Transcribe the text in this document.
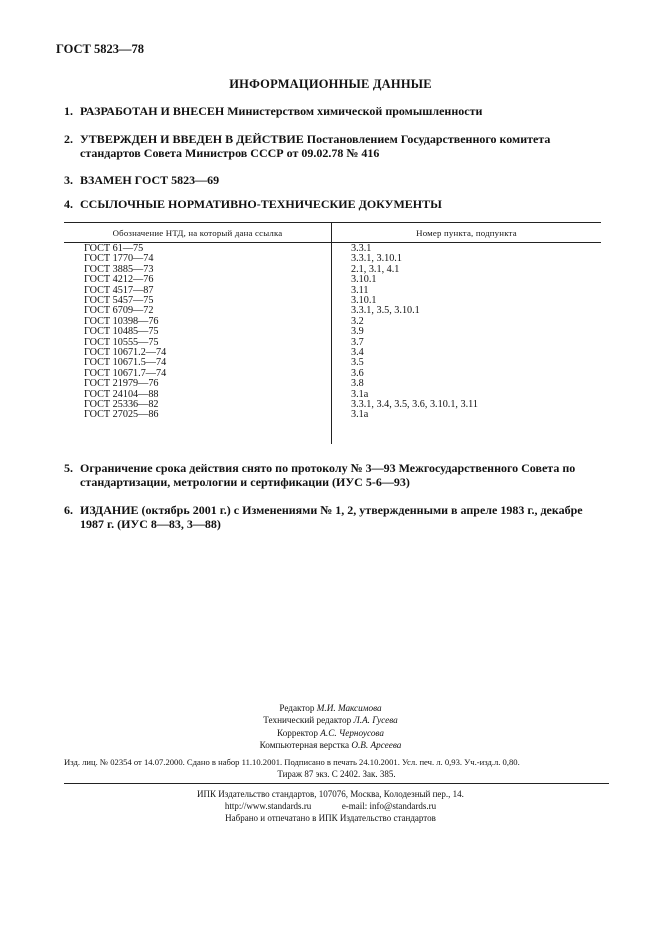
ГОСТ 5823—78
ИНФОРМАЦИОННЫЕ ДАННЫЕ
1. РАЗРАБОТАН И ВНЕСЕН Министерством химической промышленности
2. УТВЕРЖДЕН И ВВЕДЕН В ДЕЙСТВИЕ Постановлением Государственного комитета стандартов Совета Министров СССР от 09.02.78 № 416
3. ВЗАМЕН ГОСТ 5823—69
4. ССЫЛОЧНЫЕ НОРМАТИВНО-ТЕХНИЧЕСКИЕ ДОКУМЕНТЫ
Обозначение НТД, на который дана ссылка	Номер пункта, подпункта
ГОСТ 61—75	3.3.1
ГОСТ 1770—74	3.3.1, 3.10.1
ГОСТ 3885—73	2.1, 3.1, 4.1
ГОСТ 4212—76	3.10.1
ГОСТ 4517—87	3.11
ГОСТ 5457—75	3.10.1
ГОСТ 6709—72	3.3.1, 3.5, 3.10.1
ГОСТ 10398—76	3.2
ГОСТ 10485—75	3.9
ГОСТ 10555—75	3.7
ГОСТ 10671.2—74	3.4
ГОСТ 10671.5—74	3.5
ГОСТ 10671.7—74	3.6
ГОСТ 21979—76	3.8
ГОСТ 24104—88	3.1а
ГОСТ 25336—82	3.3.1, 3.4, 3.5, 3.6, 3.10.1, 3.11
ГОСТ 27025—86	3.1а
5. Ограничение срока действия снято по протоколу № 3—93 Межгосударственного Совета по стандартизации, метрологии и сертификации (ИУС 5-6—93)
6. ИЗДАНИЕ (октябрь 2001 г.) с Изменениями № 1, 2, утвержденными в апреле 1983 г., декабре 1987 г. (ИУС 8—83, 3—88)
Редактор М.И. Максимова
Технический редактор Л.А. Гусева
Корректор А.С. Черноусова
Компьютерная верстка О.В. Арсеева
Изд. лиц. № 02354 от 14.07.2000. Сдано в набор 11.10.2001. Подписано в печать 24.10.2001. Усл. печ. л. 0,93. Уч.-изд.л. 0,80.
Тираж 87 экз. С 2402. Зак. 385.
ИПК Издательство стандартов, 107076, Москва, Колодезный пер., 14.
http://www.standards.ru	e-mail: info@standards.ru
Набрано и отпечатано в ИПК Издательство стандартов
